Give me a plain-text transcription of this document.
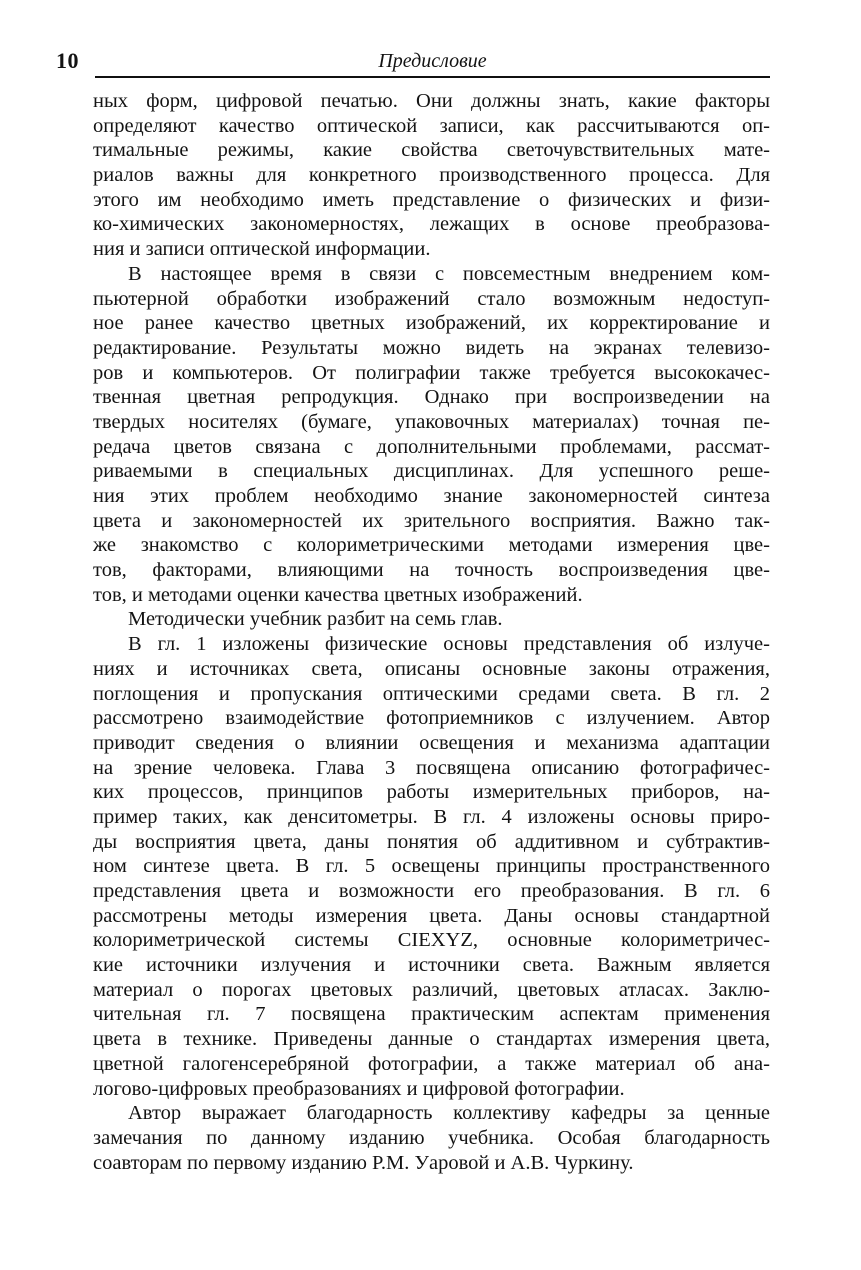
10	Предисловие
ных форм, цифровой печатью. Они должны знать, какие факторы
определяют качество оптической записи, как рассчитываются оп-
тимальные режимы, какие свойства светочувствительных мате-
риалов важны для конкретного производственного процесса. Для
этого им необходимо иметь представление о физических и физи-
ко-химических закономерностях, лежащих в основе преобразова-
ния и записи оптической информации.
В настоящее время в связи с повсеместным внедрением ком-
пьютерной обработки изображений стало возможным недоступ-
ное ранее качество цветных изображений, их корректирование и
редактирование. Результаты можно видеть на экранах телевизо-
ров и компьютеров. От полиграфии также требуется высококачес-
твенная цветная репродукция. Однако при воспроизведении на
твердых носителях (бумаге, упаковочных материалах) точная пе-
редача цветов связана с дополнительными проблемами, рассмат-
риваемыми в специальных дисциплинах. Для успешного реше-
ния этих проблем необходимо знание закономерностей синтеза
цвета и закономерностей их зрительного восприятия. Важно так-
же знакомство с колориметрическими методами измерения цве-
тов, факторами, влияющими на точность воспроизведения цве-
тов, и методами оценки качества цветных изображений.
Методически учебник разбит на семь глав.
В гл. 1 изложены физические основы представления об излуче-
ниях и источниках света, описаны основные законы отражения,
поглощения и пропускания оптическими средами света. В гл. 2
рассмотрено взаимодействие фотоприемников с излучением. Автор
приводит сведения о влиянии освещения и механизма адаптации
на зрение человека. Глава 3 посвящена описанию фотографичес-
ких процессов, принципов работы измерительных приборов, на-
пример таких, как денситометры. В гл. 4 изложены основы приро-
ды восприятия цвета, даны понятия об аддитивном и субтрактив-
ном синтезе цвета. В гл. 5 освещены принципы пространственного
представления цвета и возможности его преобразования. В гл. 6
рассмотрены методы измерения цвета. Даны основы стандартной
колориметрической системы CIEXYZ, основные колориметричес-
кие источники излучения и источники света. Важным является
материал о порогах цветовых различий, цветовых атласах. Заклю-
чительная гл. 7 посвящена практическим аспектам применения
цвета в технике. Приведены данные о стандартах измерения цвета,
цветной галогенсеребряной фотографии, а также материал об ана-
логово-цифровых преобразованиях и цифровой фотографии.
Автор выражает благодарность коллективу кафедры за ценные
замечания по данному изданию учебника. Особая благодарность
соавторам по первому изданию Р.М. Уаровой и А.В. Чуркину.
